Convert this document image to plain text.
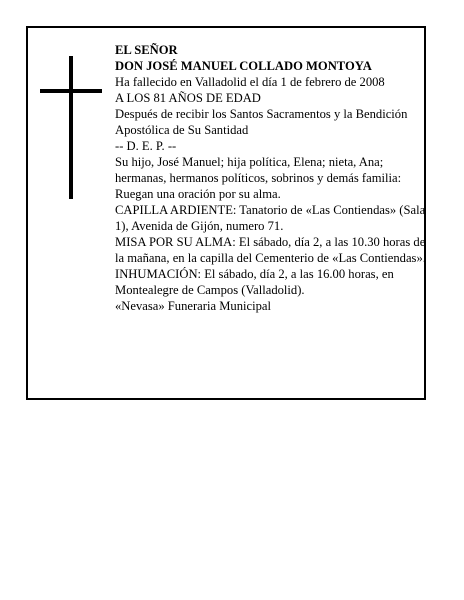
EL SEÑOR

DON JOSÉ MANUEL COLLADO MONTOYA

Ha fallecido en Valladolid el día 1 de febrero de 2008

A LOS 81 AÑOS DE EDAD

Después de recibir los Santos Sacramentos y la Bendición Apostólica de Su Santidad

-- D. E. P. --

Su hijo, José Manuel; hija política, Elena; nieta, Ana; hermanas, hermanos políticos, sobrinos y demás familia:

Ruegan una oración por su alma.

CAPILLA ARDIENTE: Tanatorio de «Las Contiendas» (Sala 1), Avenida de Gijón, numero 71.

MISA POR SU ALMA: El sábado, día 2, a las 10.30 horas de la mañana, en la capilla del Cementerio de «Las Contiendas».

INHUMACIÓN: El sábado, día 2, a las 16.00 horas, en Montealegre de Campos (Valladolid).

«Nevasa» Funeraria Municipal
